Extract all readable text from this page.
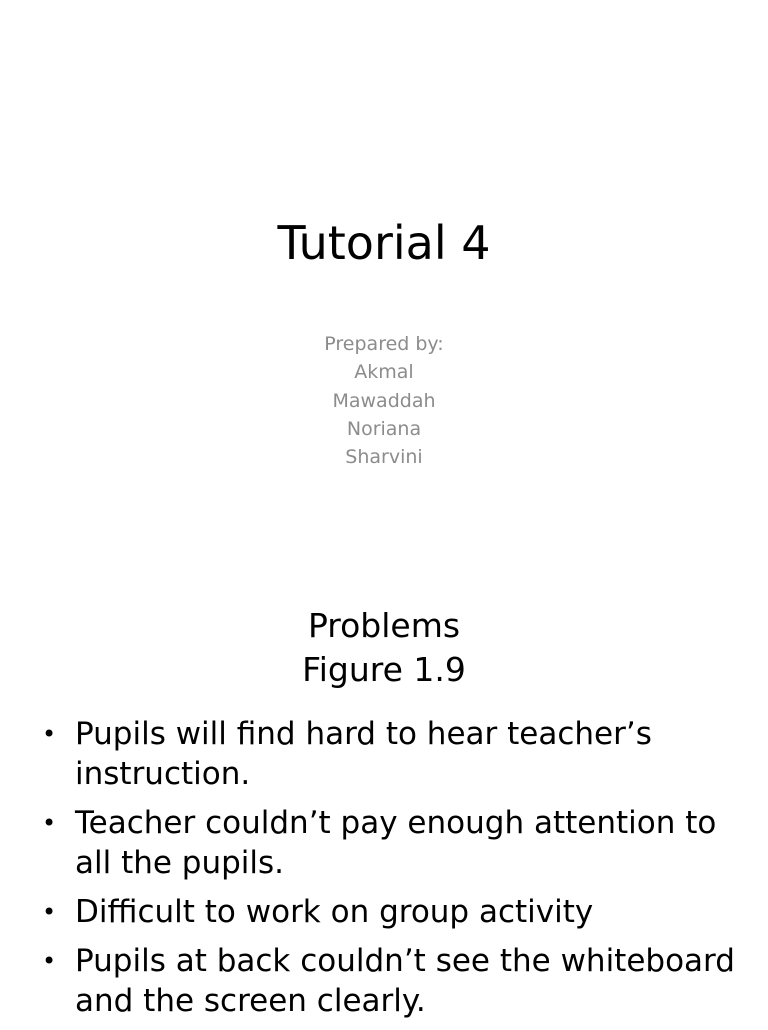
Tutorial 4
Prepared by:
Akmal
Mawaddah
Noriana
Sharvini
Problems
Figure 1.9
• Pupils will find hard to hear teacher’s instruction.
• Teacher couldn’t pay enough attention to all the pupils.
• Difficult to work on group activity
• Pupils at back couldn’t see the whiteboard and the screen clearly.
